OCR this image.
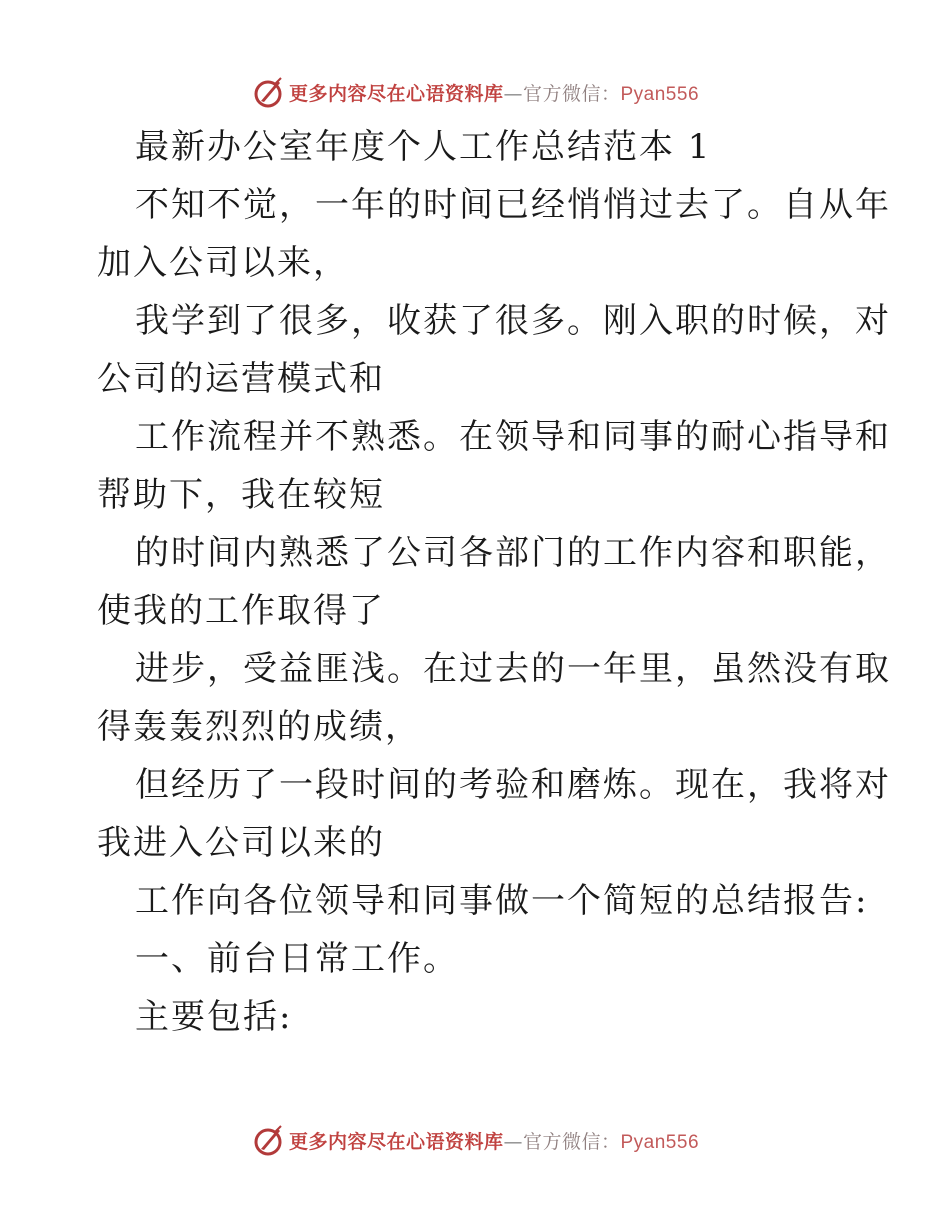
更多内容尽在心语资料库—官方微信：Pyan556
最新办公室年度个人工作总结范本 1
不知不觉，一年的时间已经悄悄过去了。自从年
加入公司以来，
我学到了很多，收获了很多。刚入职的时候，对
公司的运营模式和
工作流程并不熟悉。在领导和同事的耐心指导和
帮助下，我在较短
的时间内熟悉了公司各部门的工作内容和职能，
使我的工作取得了
进步，受益匪浅。在过去的一年里，虽然没有取
得轰轰烈烈的成绩，
但经历了一段时间的考验和磨炼。现在，我将对
我进入公司以来的
工作向各位领导和同事做一个简短的总结报告:
一、前台日常工作。
主要包括:
更多内容尽在心语资料库—官方微信：Pyan556
